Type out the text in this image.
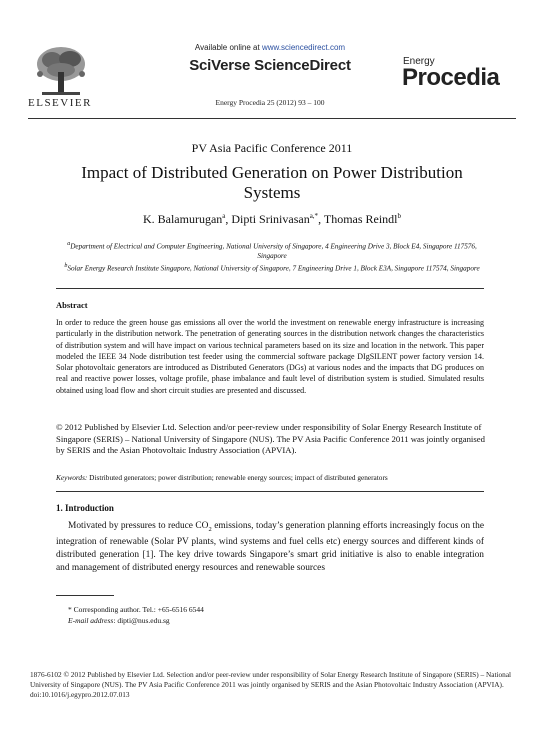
ELSEVIER
Available online at www.sciencedirect.com
SciVerse ScienceDirect
Energy Procedia 25 (2012) 93 – 100
Energy
Procedia
PV Asia Pacific Conference 2011
Impact of Distributed Generation on Power Distribution Systems
K. Balamurugan$^a$, Dipti Srinivasan$^{a,*}$, Thomas Reindl$^b$
$^a$Department of Electrical and Computer Engineering, National University of Singapore, 4 Engineering Drive 3, Block E4, Singapore 117576, Singapore
$^b$Solar Energy Research Institute Singapore, National University of Singapore, 7 Engineering Drive 1, Block E3A, Singapore 117574, Singapore
Abstract
In order to reduce the green house gas emissions all over the world the investment on renewable energy infrastructure is increasing particularly in the distribution network. The penetration of generating sources in the distribution network changes the characteristics of distribution system and will have impact on various technical parameters based on its size and location in the network. This paper modeled the IEEE 34 Node distribution test feeder using the commercial software package DIgSILENT power factory version 14. Solar photovoltaic generators are introduced as Distributed Generators (DGs) at various nodes and the impacts that DG produces on real and reactive power losses, voltage profile, phase imbalance and fault level of distribution system is studied. Simulated results obtained using load flow and short circuit studies are presented and discussed.
© 2012 Published by Elsevier Ltd. Selection and/or peer-review under responsibility of Solar Energy Research Institute of Singapore (SERIS) – National University of Singapore (NUS). The PV Asia Pacific Conference 2011 was jointly organised by SERIS and the Asian Photovoltaic Industry Association (APVIA).
Keywords: Distributed generators; power distribution; renewable energy sources; impact of distributed generators
1. Introduction
Motivated by pressures to reduce $CO_2$ emissions, today’s generation planning efforts increasingly focus on the integration of renewable (Solar PV plants, wind systems and fuel cells etc) energy sources and different kinds of distributed generation [1]. The key drive towards Singapore’s smart grid initiative is also to enable integration and management of distributed energy resources and renewable sources
* Corresponding author. Tel.: +65-6516 6544
E-mail address: dipti@nus.edu.sg
1876-6102 © 2012 Published by Elsevier Ltd. Selection and/or peer-review under responsibility of Solar Energy Research Institute of Singapore (SERIS) – National University of Singapore (NUS). The PV Asia Pacific Conference 2011 was jointly organised by SERIS and the Asian Photovoltaic Industry Association (APVIA).
doi:10.1016/j.egypro.2012.07.013
